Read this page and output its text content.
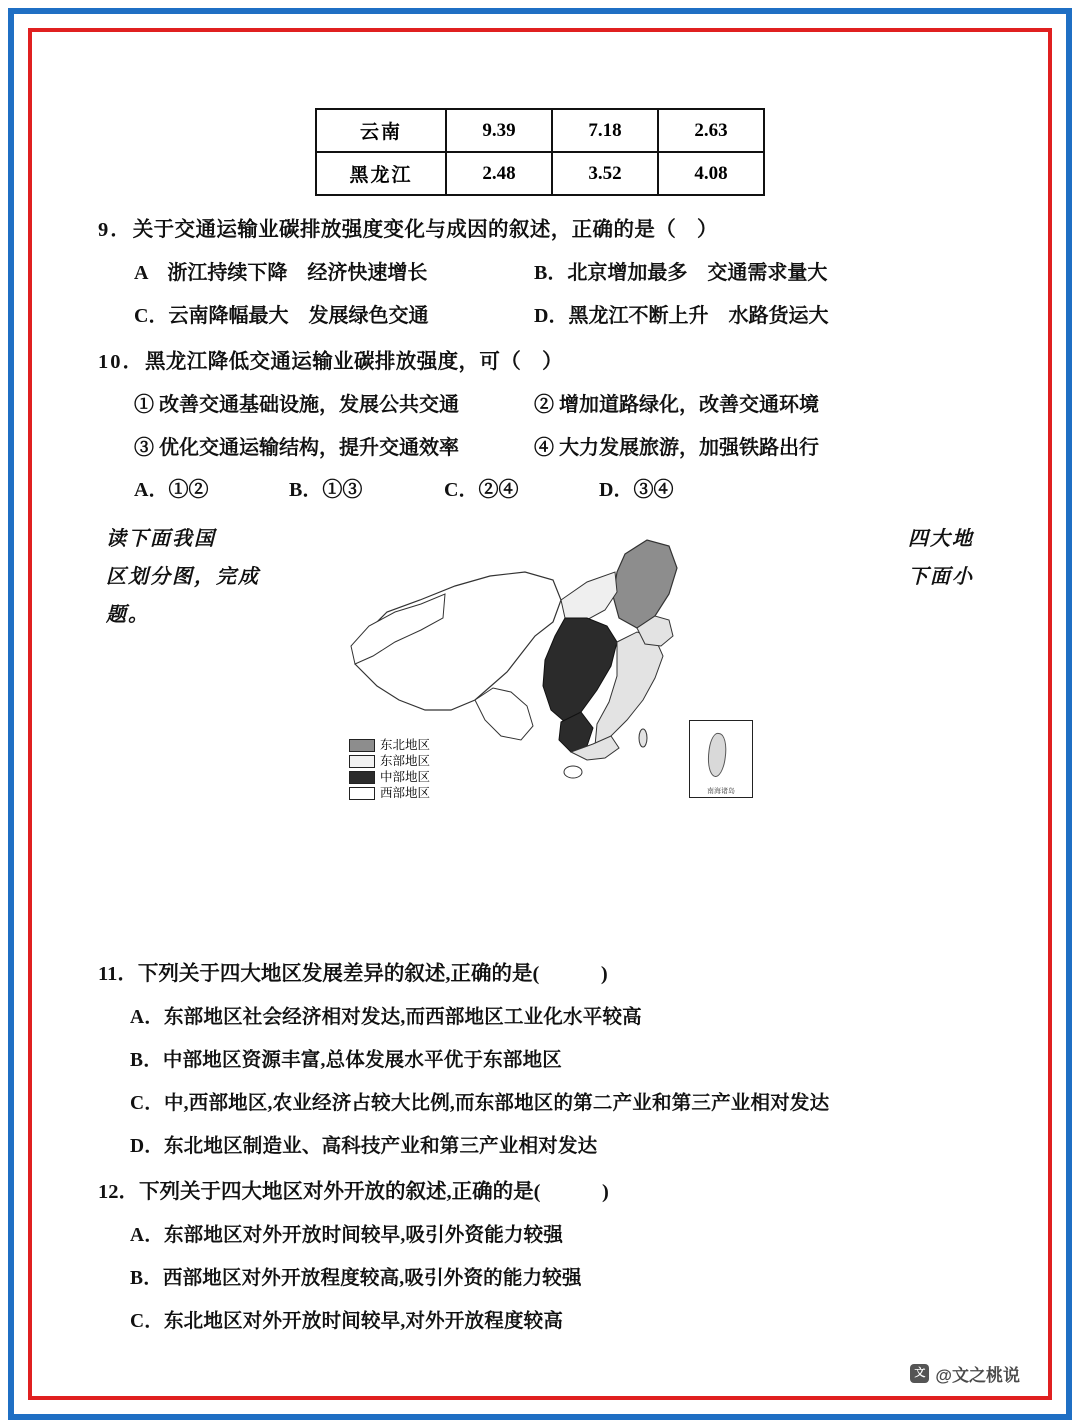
云南	9.39	7.18	2.63
黑龙江	2.48	3.52	4.08
9．关于交通运输业碳排放强度变化与成因的叙述，正确的是（　）
A　浙江持续下降　经济快速增长	B．北京增加最多　交通需求量大
C．云南降幅最大　发展绿色交通	D．黑龙江不断上升　水路货运大
10．黑龙江降低交通运输业碳排放强度，可（　）
① 改善交通基础设施，发展公共交通	② 增加道路绿化，改善交通环境
③ 优化交通运输结构，提升交通效率	④ 大力发展旅游，加强铁路出行
A．①②	B．①③	C．②④	D．③④
读下面我国
区划分图，完成
题。
四大地
下面小
东北地区
东部地区
中部地区
西部地区	南海诸岛
11．下列关于四大地区发展差异的叙述,正确的是(　　　)
A．东部地区社会经济相对发达,而西部地区工业化水平较高
B．中部地区资源丰富,总体发展水平优于东部地区
C．中,西部地区,农业经济占较大比例,而东部地区的第二产业和第三产业相对发达
D．东北地区制造业、高科技产业和第三产业相对发达
12．下列关于四大地区对外开放的叙述,正确的是(　　　)
A．东部地区对外开放时间较早,吸引外资能力较强
B．西部地区对外开放程度较高,吸引外资的能力较强
C．东北地区对外开放时间较早,对外开放程度较高
文 @文之桃说
